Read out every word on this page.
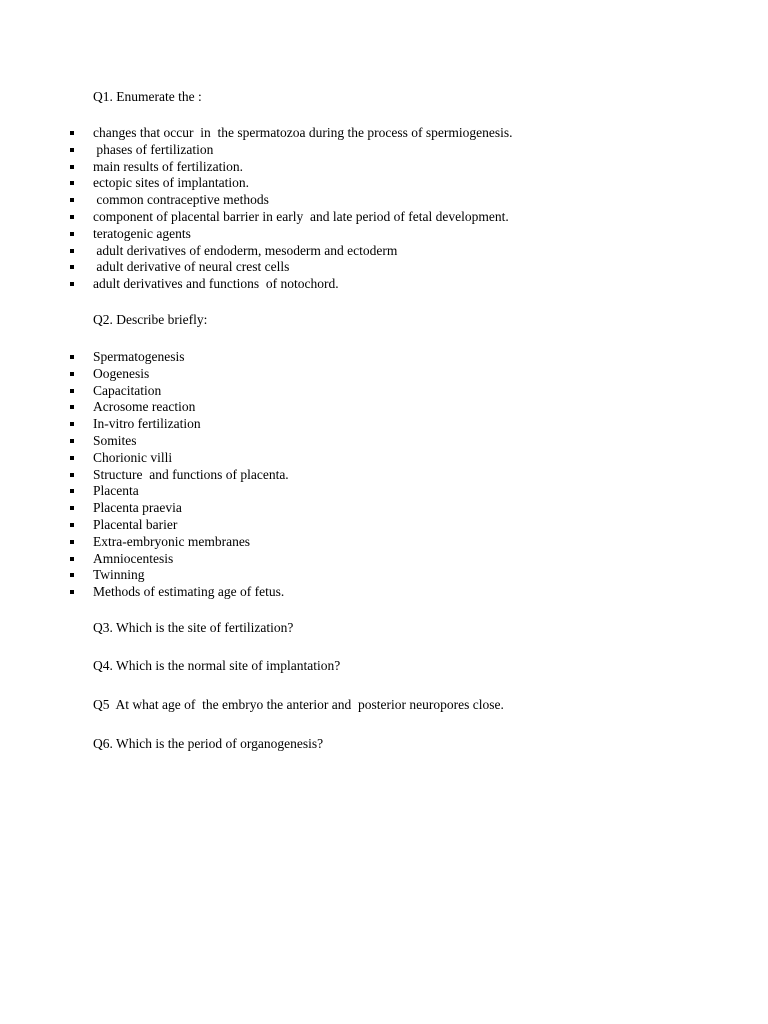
Q1. Enumerate the :

changes that occur  in  the spermatozoa during the process of spermiogenesis.
phases of fertilization
main results of fertilization.
ectopic sites of implantation.
common contraceptive methods
component of placental barrier in early  and late period of fetal development.
teratogenic agents
adult derivatives of endoderm, mesoderm and ectoderm
adult derivative of neural crest cells
adult derivatives and functions  of notochord.

Q2. Describe briefly:

Spermatogenesis
Oogenesis
Capacitation
Acrosome reaction
In-vitro fertilization
Somites
Chorionic villi
Structure  and functions of placenta.
Placenta
Placenta praevia
Placental barier
Extra-embryonic membranes
Amniocentesis
Twinning
Methods of estimating age of fetus.

Q3. Which is the site of fertilization?

Q4. Which is the normal site of implantation?

Q5  At what age of  the embryo the anterior and  posterior neuropores close.

Q6. Which is the period of organogenesis?
